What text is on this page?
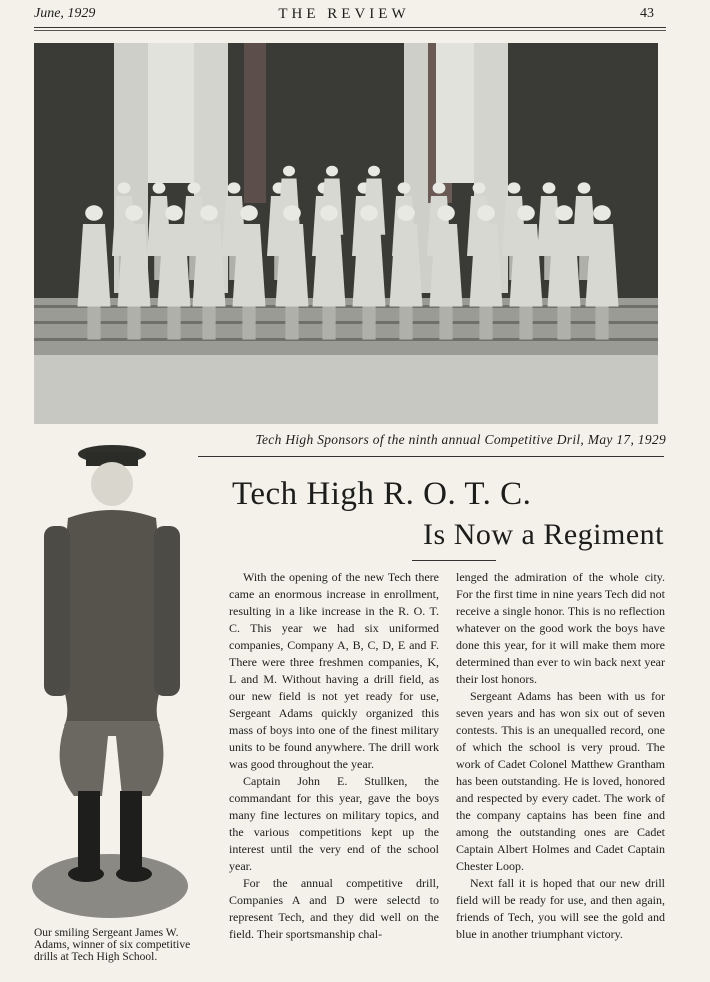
June, 1929	THE REVIEW	43
Tech High Sponsors of the ninth annual Competitive Dril, May 17, 1929
Our smiling Sergeant James W. Adams, winner of six competitive drills at Tech High School.
Tech High R. O. T. C.
Is Now a Regiment

With the opening of the new Tech there came an enormous increase in enrollment, resulting in a like increase in the R. O. T. C. This year we had six uniformed companies, Company A, B, C, D, E and F. There were three freshmen companies, K, L and M. Without having a drill field, as our new field is not yet ready for use, Sergeant Adams quickly organized this mass of boys into one of the finest military units to be found anywhere. The drill work was good throughout the year.

Captain John E. Stullken, the commandant for this year, gave the boys many fine lectures on military topics, and the various competitions kept up the interest until the very end of the school year.

For the annual competitive drill, Companies A and D were selectd to represent Tech, and they did well on the field. Their sportsmanship chal-

lenged the admiration of the whole city. For the first time in nine years Tech did not receive a single honor. This is no reflection whatever on the good work the boys have done this year, for it will make them more determined than ever to win back next year their lost honors.

Sergeant Adams has been with us for seven years and has won six out of seven contests. This is an unequalled record, one of which the school is very proud. The work of Cadet Colonel Matthew Grantham has been outstanding. He is loved, honored and respected by every cadet. The work of the company captains has been fine and among the outstanding ones are Cadet Captain Albert Holmes and Cadet Captain Chester Loop.

Next fall it is hoped that our new drill field will be ready for use, and then again, friends of Tech, you will see the gold and blue in another triumphant victory.
